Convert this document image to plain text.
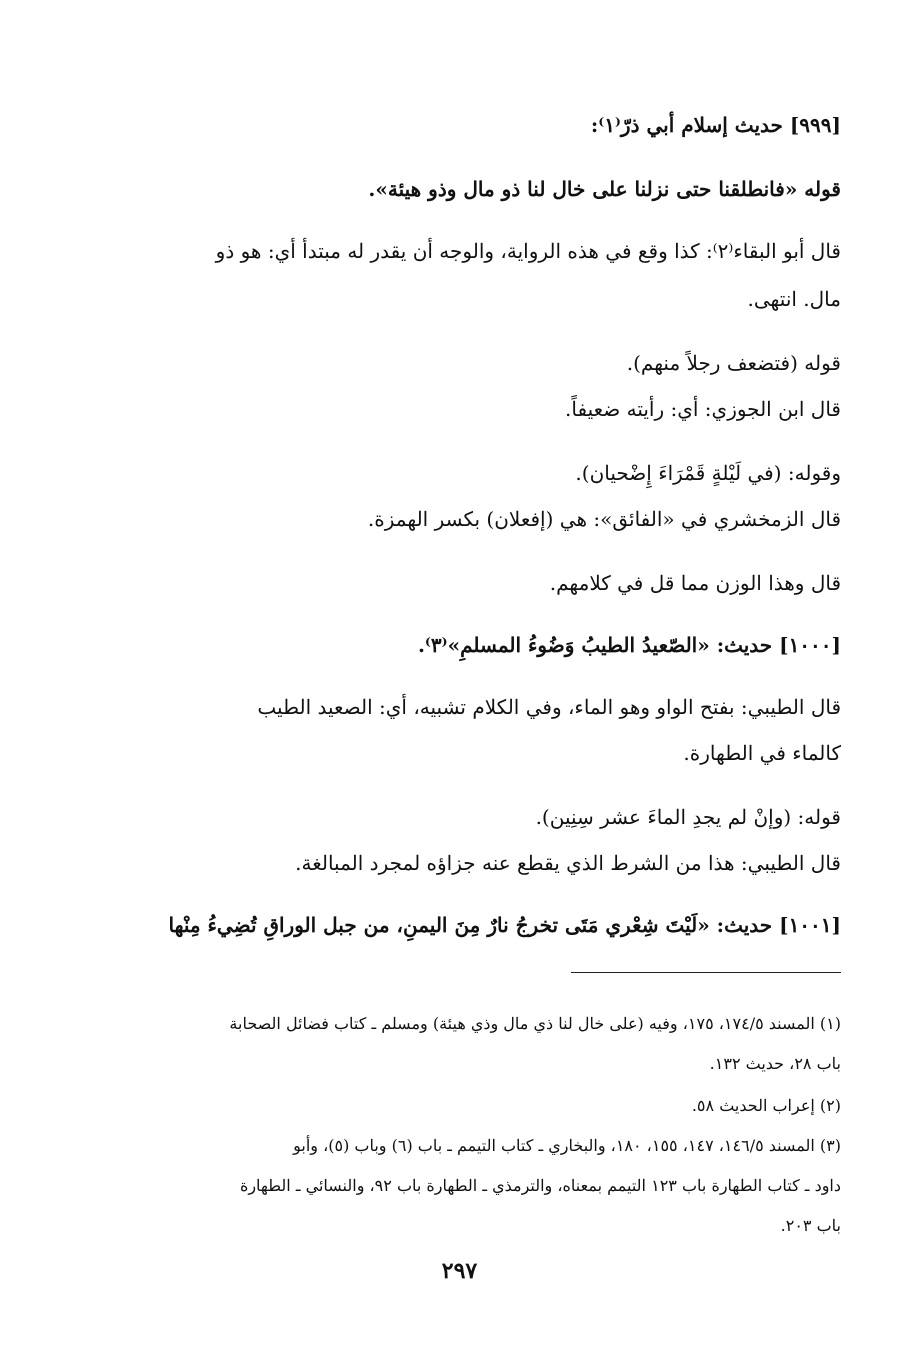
[٩٩٩] حديث إسلام أبي ذرّ⁽١⁾:
قوله «فانطلقنا حتى نزلنا على خال لنا ذو مال وذو هيئة».
قال أبو البقاء⁽٢⁾: كذا وقع في هذه الرواية، والوجه أن يقدر له مبتدأ أي: هو ذو
مال. انتهى.
قوله (فتضعف رجلاً منهم).
قال ابن الجوزي: أي: رأيته ضعيفاً.
وقوله: (في لَيْلةٍ قَمْرَاءَ إِضْحيان).
قال الزمخشري في «الفائق»: هي (إفعلان) بكسر الهمزة.
قال وهذا الوزن مما قل في كلامهم.
[١٠٠٠] حديث: «الصّعيدُ الطيبُ وَضُوءُ المسلمِ»⁽٣⁾.
قال الطيبي: بفتح الواو وهو الماء، وفي الكلام تشبيه، أي: الصعيد الطيب
كالماء في الطهارة.
قوله: (وإنْ لم يجدِ الماءَ عشر سِنِين).
قال الطيبي: هذا من الشرط الذي يقطع عنه جزاؤه لمجرد المبالغة.
[١٠٠١] حديث: «لَيْتَ شِعْري مَتَى تخرجُ نارٌ مِنَ اليمنِ، من جبل الوراقِ تُضِيءُ مِنْها
(١) المسند ١٧٤/٥، ١٧٥، وفيه (على خال لنا ذي مال وذي هيئة) ومسلم ـ كتاب فضائل الصحابة
باب ٢٨، حديث ١٣٢.
(٢) إعراب الحديث ٥٨.
(٣) المسند ١٤٦/٥، ١٤٧، ١٥٥، ١٨٠، والبخاري ـ كتاب التيمم ـ باب (٦) وباب (٥)، وأبو
داود ـ كتاب الطهارة باب ١٢٣ التيمم بمعناه، والترمذي ـ الطهارة باب ٩٢، والنسائي ـ الطهارة
باب ٢٠٣.
٢٩٧
